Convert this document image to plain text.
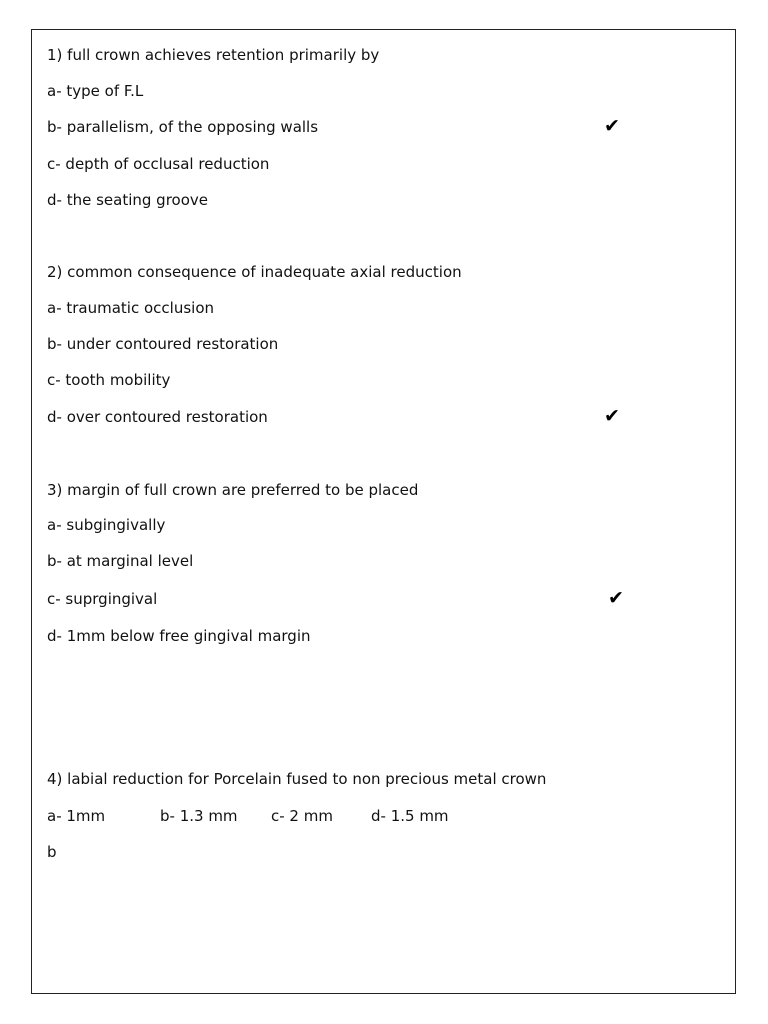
1) full crown achieves retention primarily by
a- type of F.L
b- parallelism, of the opposing walls	✔
c- depth of occlusal reduction
d- the seating groove
2) common consequence of inadequate axial reduction
a- traumatic occlusion
b- under contoured restoration
c- tooth mobility
d- over contoured restoration	✔
3) margin of full crown are preferred to be placed
a- subgingivally
b- at marginal level
c- suprgingival	✔
d- 1mm below free gingival margin
4) labial reduction for Porcelain fused to non precious metal crown
a- 1mm	b- 1.3 mm c- 2 mm	d- 1.5 mm
b
